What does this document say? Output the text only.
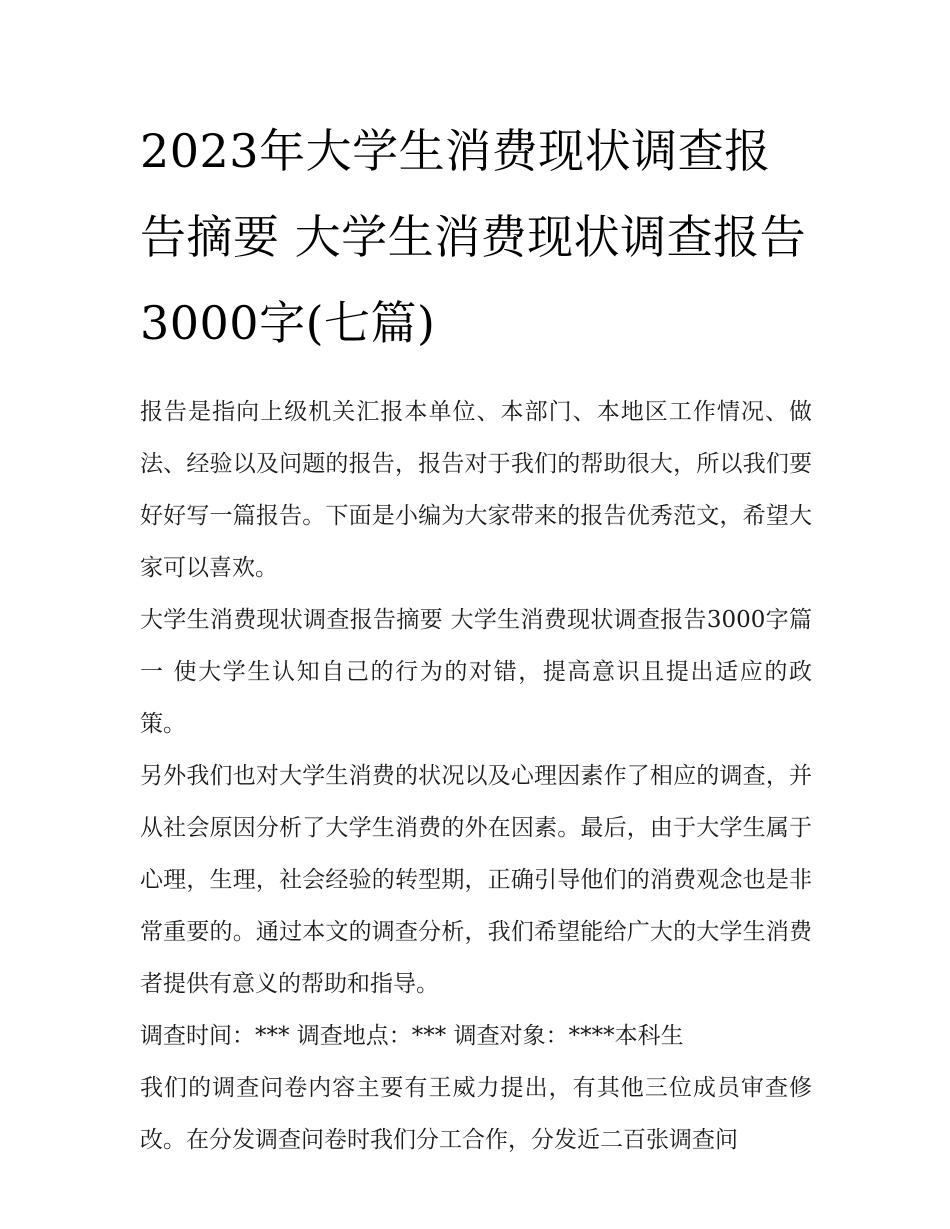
2023年大学生消费现状调查报告摘要 大学生消费现状调查报告3000字(七篇)

报告是指向上级机关汇报本单位、本部门、本地区工作情况、做法、经验以及问题的报告，报告对于我们的帮助很大，所以我们要好好写一篇报告。下面是小编为大家带来的报告优秀范文，希望大家可以喜欢。

大学生消费现状调查报告摘要 大学生消费现状调查报告3000字篇一 使大学生认知自己的行为的对错，提高意识且提出适应的政策。

另外我们也对大学生消费的状况以及心理因素作了相应的调查，并从社会原因分析了大学生消费的外在因素。最后，由于大学生属于心理，生理，社会经验的转型期，正确引导他们的消费观念也是非常重要的。通过本文的调查分析，我们希望能给广大的大学生消费者提供有意义的帮助和指导。

调查时间：*** 调查地点：*** 调查对象：****本科生

我们的调查问卷内容主要有王威力提出，有其他三位成员审查修改。在分发调查问卷时我们分工合作，分发近二百张调查问
